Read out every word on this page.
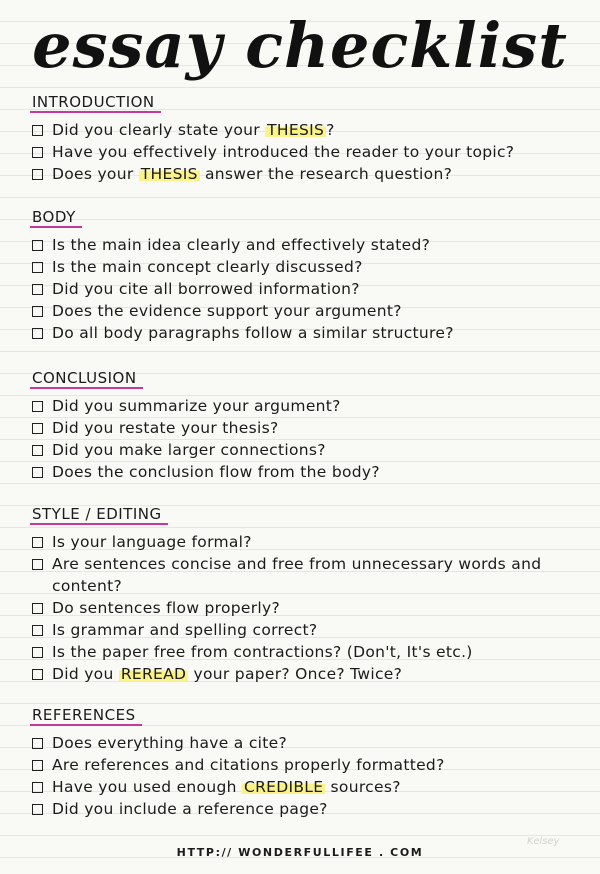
essay checklist
INTRODUCTION
Did you clearly state your THESIS ?
Have you effectively introduced the reader to your topic?
Does your THESIS answer the research question?
BODY
Is the main idea clearly and effectively stated?
Is the main concept clearly discussed?
Did you cite all borrowed information?
Does the evidence support your argument?
Do all body paragraphs follow a similar structure?
CONCLUSION
Did you summarize your argument?
Did you restate your thesis?
Did you make larger connections?
Does the conclusion flow from the body?
STYLE / EDITING
Is your language formal?
Are sentences concise and free from unnecessary words and content?
Do sentences flow properly?
Is grammar and spelling correct?
Is the paper free from contractions? (Don't, It's etc.)
Did you REREAD your paper? Once? Twice?
REFERENCES
Does everything have a cite?
Are references and citations properly formatted?
Have you used enough CREDIBLE sources?
Did you include a reference page?
HTTP:// WONDERFULLIFEE . COM
Kelsey
